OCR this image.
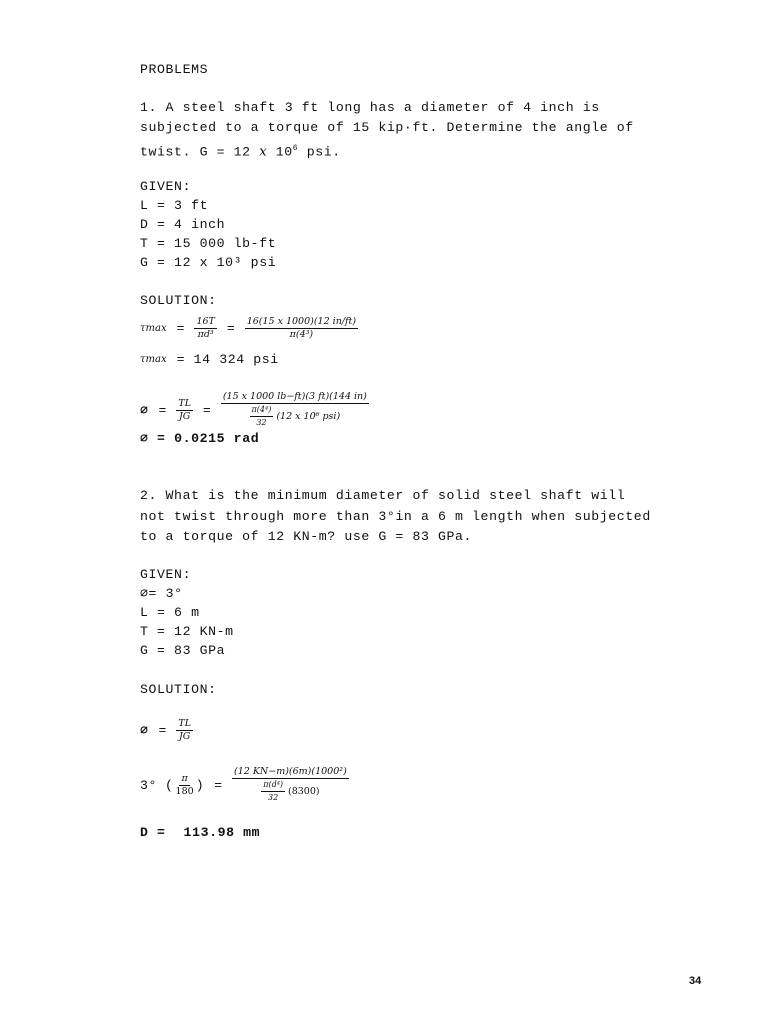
PROBLEMS
1. A steel shaft 3 ft long has a diameter of 4 inch is
subjected to a torque of 15 kip·ft. Determine the angle of
twist. G = 12 x $10^6$ psi.
GIVEN:
L = 3 ft
D = 4 inch
T = 15 000 lb-ft
G = 12 x 10³ psi
SOLUTION:
$\tau\max = \frac{16T}{\text{πd³}} = \frac{16(15 x 1000)(12 in/ft)}{\text{π(4³)}}$
τmax = 14 324 psi
∅ = $\frac{TL}{JG} = \frac{(15 x 1000 lb-ft)(3 ft)(144 in)}{\frac{\text{π(4⁴)}}{32} (12 x 10^6 psi)}$
∅ = 0.0215 rad
2. What is the minimum diameter of solid steel shaft will
not twist through more than 3°in a 6 m length when subjected
to a torque of 12 KN-m? use G = 83 GPa.
GIVEN:
∅= 3°
L = 6 m
T = 12 KN-m
G = 83 GPa
SOLUTION:
∅ = $\frac{TL}{JG}$
3° ( $\frac{\pi}{180}$ ) = $\frac{\text{(12 KN−m)(6m)(1000²)}}{\frac{\text{π(d⁴)}}{32} (8300)}$
D = 113.98 mm
34
